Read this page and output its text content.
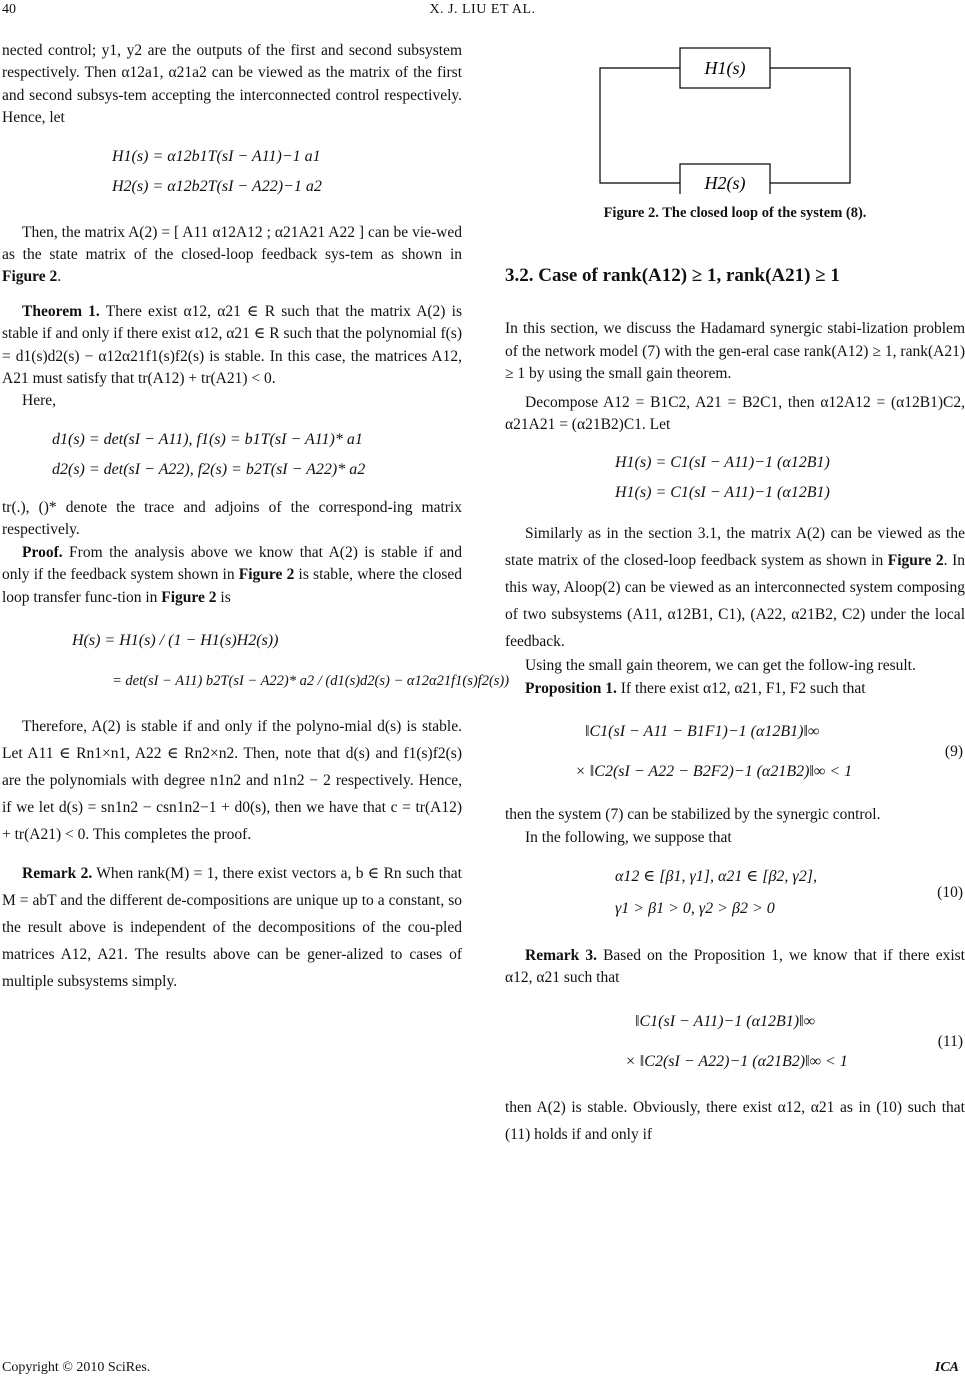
40	X. J. LIU ET AL.

nected control; y1, y2 are the outputs of the first and second subsystem respectively. Then α12a1, α21a2 can be viewed as the matrix of the first and second subsys-tem accepting the interconnected control respectively. Hence, let

H1(s) = α12b1T(sI − A11)−1 a1
H2(s) = α12b2T(sI − A22)−1 a2

Then, the matrix A(2) = [ A11 α12A12 ; α21A21 A22 ] can be vie-wed as the state matrix of the closed-loop feedback sys-tem as shown in Figure 2.

Theorem 1. There exist α12, α21 ∈ R such that the matrix A(2) is stable if and only if there exist α12, α21 ∈ R such that the polynomial f(s) = d1(s)d2(s) − α12α21f1(s)f2(s) is stable. In this case, the matrices A12, A21 must satisfy that tr(A12) + tr(A21) < 0.

Here,

d1(s) = det(sI − A11), f1(s) = b1T(sI − A11)* a1
d2(s) = det(sI − A22), f2(s) = b2T(sI − A22)* a2

tr(.), ()* denote the trace and adjoins of the correspond-ing matrix respectively.

Proof. From the analysis above we know that A(2) is stable if and only if the feedback system shown in Figure 2 is stable, where the closed loop transfer func-tion in Figure 2 is

H(s) = H1(s) / (1 − H1(s)H2(s))
= det(sI − A11) b2T(sI − A22)* a2 / (d1(s)d2(s) − α12α21f1(s)f2(s))

Therefore, A(2) is stable if and only if the polyno-mial d(s) is stable. Let A11 ∈ Rn1×n1, A22 ∈ Rn2×n2. Then, note that d(s) and f1(s)f2(s) are the polynomials with degree n1n2 and n1n2 − 2 respectively. Hence, if we let d(s) = sn1n2 − csn1n2−1 + d0(s), then we have that c = tr(A12) + tr(A21) < 0. This completes the proof.

Remark 2. When rank(M) = 1, there exist vectors a, b ∈ Rn such that M = abT and the different de-compositions are unique up to a constant, so the result above is independent of the decompositions of the cou-pled matrices A12, A21. The results above can be gener-alized to cases of multiple subsystems simply.

H1(s)
H2(s)
Figure 2. The closed loop of the system (8).
3.2. Case of rank(A12) ≥ 1, rank(A21) ≥ 1

In this section, we discuss the Hadamard synergic stabi-lization problem of the network model (7) with the gen-eral case rank(A12) ≥ 1, rank(A21) ≥ 1 by using the small gain theorem.

Decompose A12 = B1C2, A21 = B2C1, then α12A12 = (α12B1)C2, α21A21 = (α21B2)C1. Let

H1(s) = C1(sI − A11)−1 (α12B1)
H1(s) = C1(sI − A11)−1 (α12B1)

Similarly as in the section 3.1, the matrix A(2) can be viewed as the state matrix of the closed-loop feedback system as shown in Figure 2. In this way, Aloop(2) can be viewed as an interconnected system composing of two subsystems (A11, α12B1, C1), (A22, α21B2, C2) under the local feedback.

Using the small gain theorem, we can get the follow-ing result.

Proposition 1. If there exist α12, α21, F1, F2 such that

‖C1(sI − A11 − B1F1)−1 (α12B1)‖∞
× ‖C2(sI − A22 − B2F2)−1 (α21B2)‖∞ < 1
(9)

then the system (7) can be stabilized by the synergic control.

In the following, we suppose that

α12 ∈ [β1, γ1], α21 ∈ [β2, γ2],
γ1 > β1 > 0, γ2 > β2 > 0
(10)

Remark 3. Based on the Proposition 1, we know that if there exist α12, α21 such that

‖C1(sI − A11)−1 (α12B1)‖∞
× ‖C2(sI − A22)−1 (α21B2)‖∞ < 1
(11)

then A(2) is stable. Obviously, there exist α12, α21 as in (10) such that (11) holds if and only if

Copyright © 2010 SciRes.	ICA
